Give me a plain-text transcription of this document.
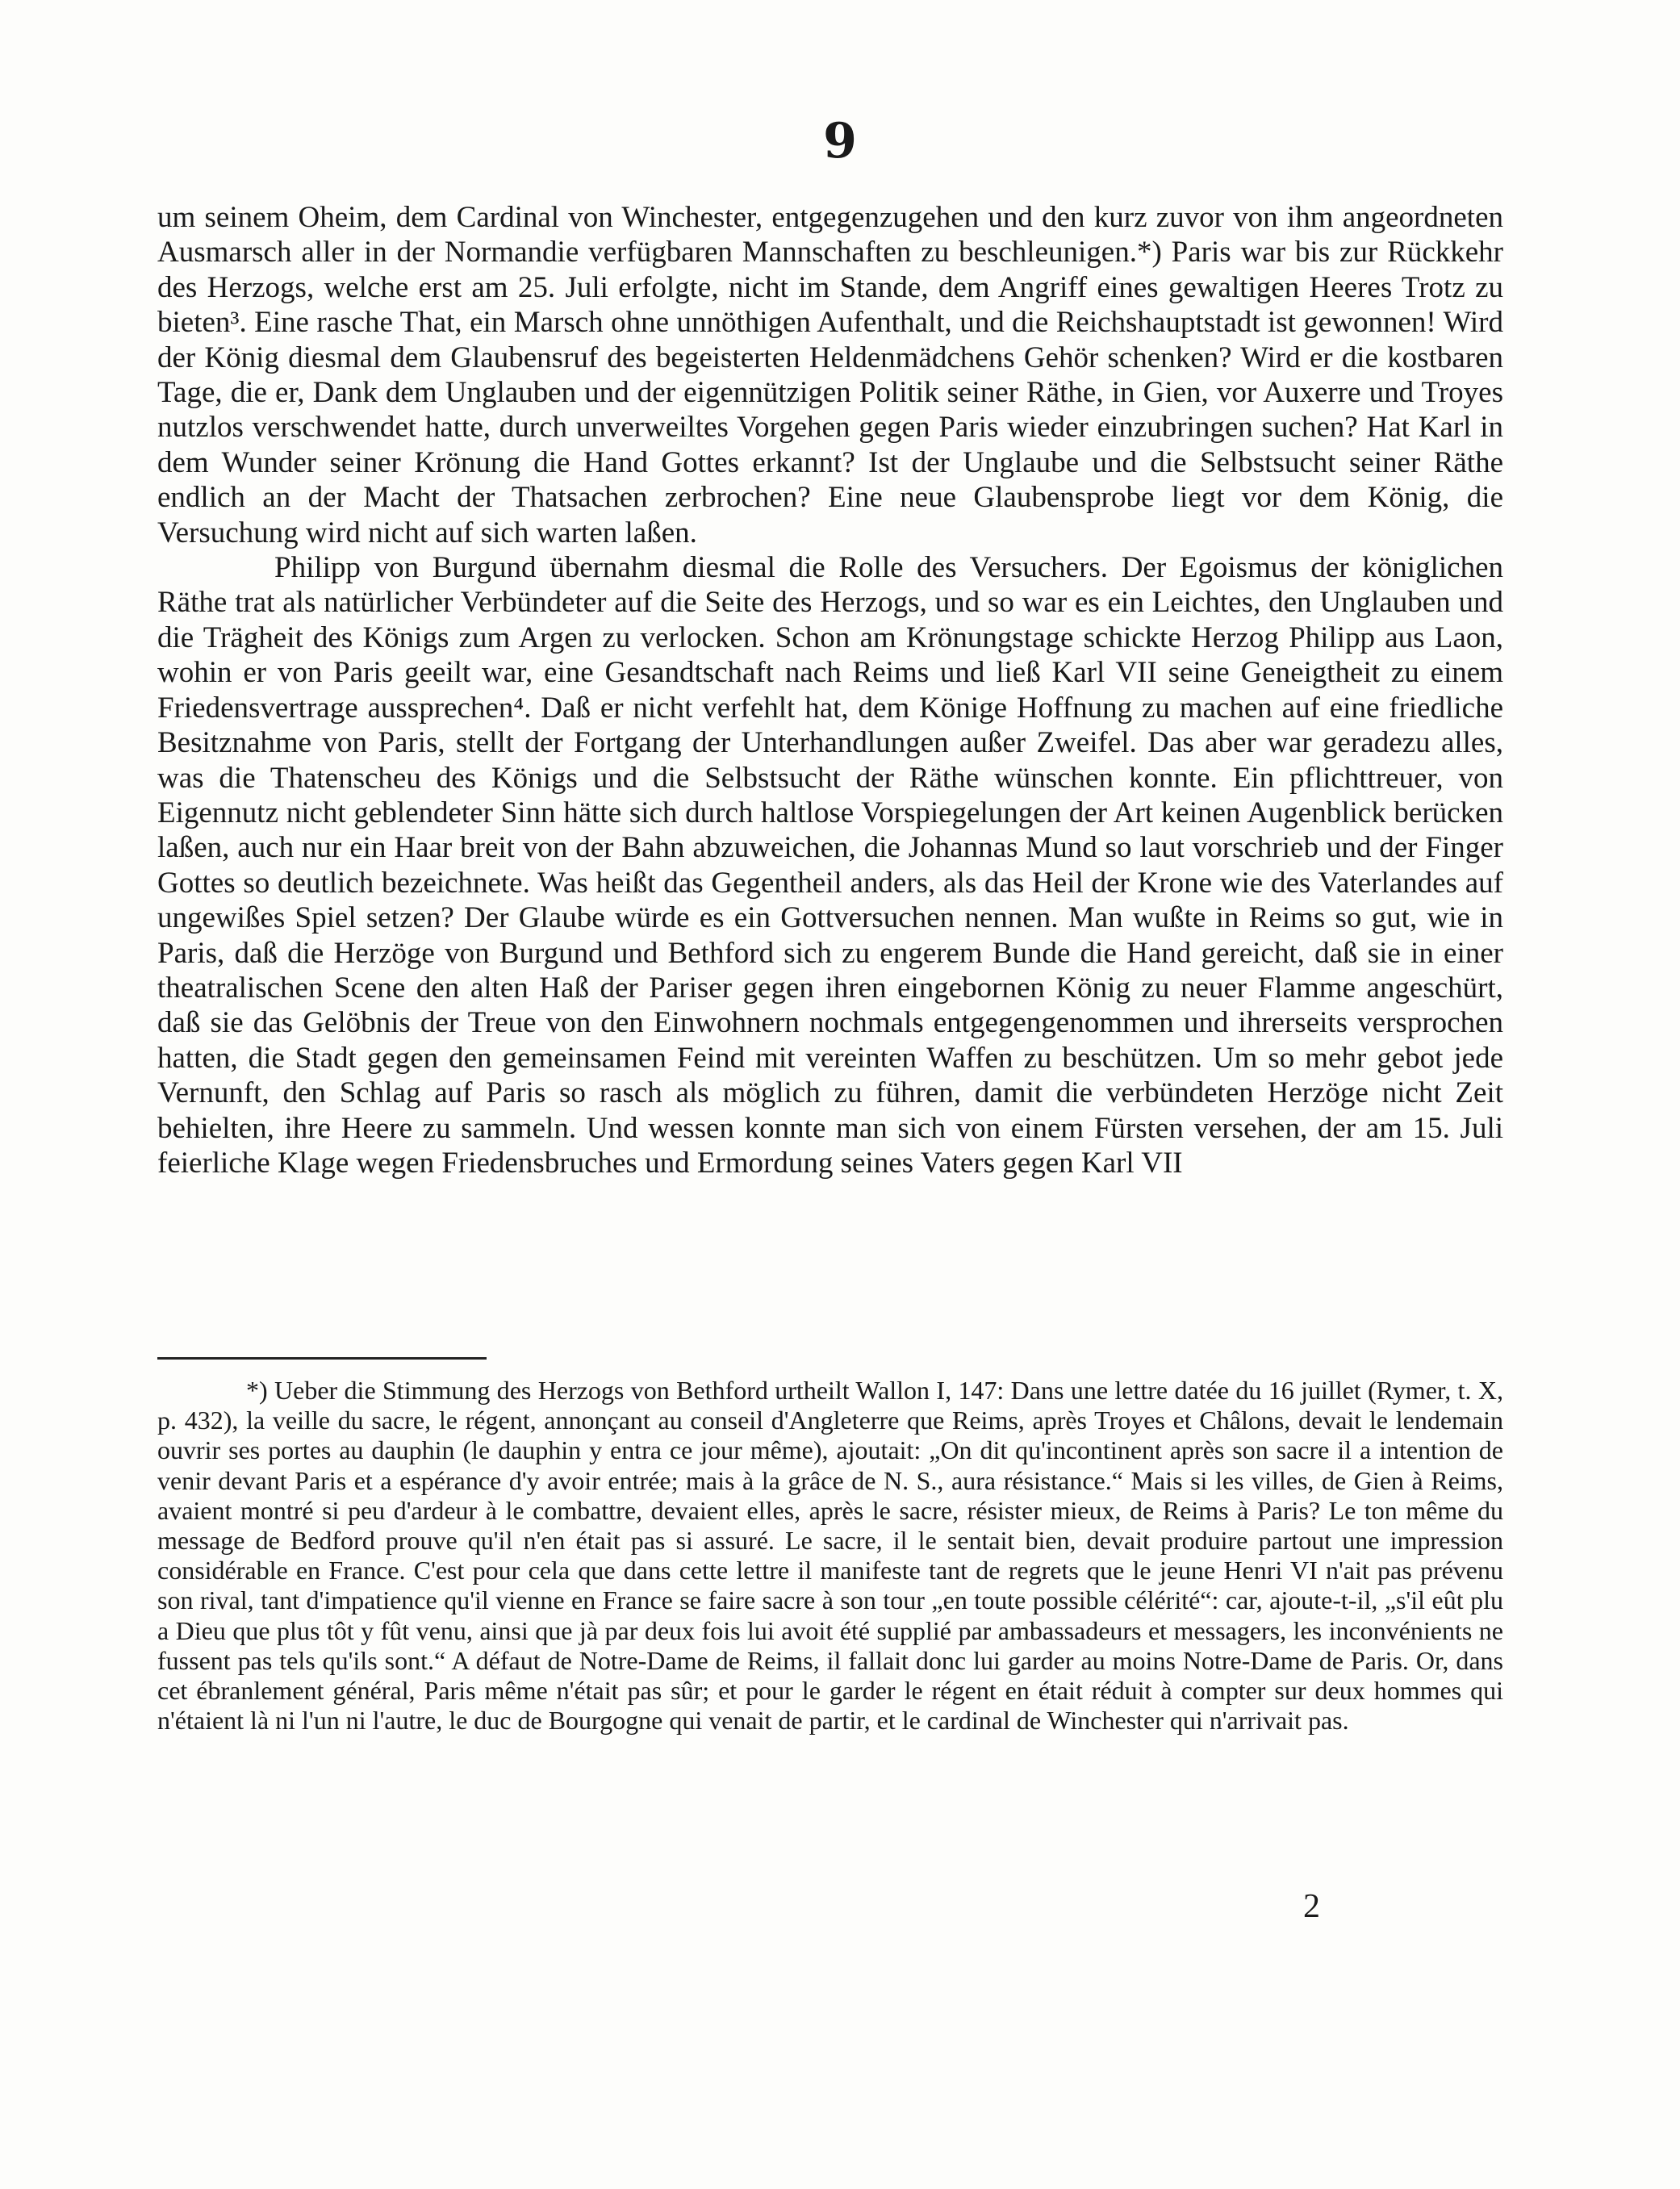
9

um seinem Oheim, dem Cardinal von Winchester, entgegenzugehen und den kurz zuvor von ihm angeordneten Ausmarsch aller in der Normandie verfügbaren Mannschaften zu beschleunigen.*) Paris war bis zur Rückkehr des Herzogs, welche erst am 25. Juli erfolgte, nicht im Stande, dem Angriff eines gewaltigen Heeres Trotz zu bieten³. Eine rasche That, ein Marsch ohne unnöthigen Aufenthalt, und die Reichshauptstadt ist gewonnen! Wird der König diesmal dem Glaubensruf des begeisterten Heldenmädchens Gehör schenken? Wird er die kostbaren Tage, die er, Dank dem Unglauben und der eigennützigen Politik seiner Räthe, in Gien, vor Auxerre und Troyes nutzlos verschwendet hatte, durch unverweiltes Vorgehen gegen Paris wieder einzubringen suchen? Hat Karl in dem Wunder seiner Krönung die Hand Gottes erkannt? Ist der Unglaube und die Selbstsucht seiner Räthe endlich an der Macht der Thatsachen zerbrochen? Eine neue Glaubensprobe liegt vor dem König, die Versuchung wird nicht auf sich warten laßen.

Philipp von Burgund übernahm diesmal die Rolle des Versuchers. Der Egoismus der königlichen Räthe trat als natürlicher Verbündeter auf die Seite des Herzogs, und so war es ein Leichtes, den Unglauben und die Trägheit des Königs zum Argen zu verlocken. Schon am Krönungstage schickte Herzog Philipp aus Laon, wohin er von Paris geeilt war, eine Gesandtschaft nach Reims und ließ Karl VII seine Geneigtheit zu einem Friedensvertrage aussprechen⁴. Daß er nicht verfehlt hat, dem Könige Hoffnung zu machen auf eine friedliche Besitznahme von Paris, stellt der Fortgang der Unterhandlungen außer Zweifel. Das aber war geradezu alles, was die Thatenscheu des Königs und die Selbstsucht der Räthe wünschen konnte. Ein pflichttreuer, von Eigennutz nicht geblendeter Sinn hätte sich durch haltlose Vorspiegelungen der Art keinen Augenblick berücken laßen, auch nur ein Haar breit von der Bahn abzuweichen, die Johannas Mund so laut vorschrieb und der Finger Gottes so deutlich bezeichnete. Was heißt das Gegentheil anders, als das Heil der Krone wie des Vaterlandes auf ungewißes Spiel setzen? Der Glaube würde es ein Gottversuchen nennen. Man wußte in Reims so gut, wie in Paris, daß die Herzöge von Burgund und Bethford sich zu engerem Bunde die Hand gereicht, daß sie in einer theatralischen Scene den alten Haß der Pariser gegen ihren eingebornen König zu neuer Flamme angeschürt, daß sie das Gelöbnis der Treue von den Einwohnern nochmals entgegengenommen und ihrerseits versprochen hatten, die Stadt gegen den gemeinsamen Feind mit vereinten Waffen zu beschützen. Um so mehr gebot jede Vernunft, den Schlag auf Paris so rasch als möglich zu führen, damit die verbündeten Herzöge nicht Zeit behielten, ihre Heere zu sammeln. Und wessen konnte man sich von einem Fürsten versehen, der am 15. Juli feierliche Klage wegen Friedensbruches und Ermordung seines Vaters gegen Karl VII

*) Ueber die Stimmung des Herzogs von Bethford urtheilt Wallon I, 147: Dans une lettre datée du 16 juillet (Rymer, t. X, p. 432), la veille du sacre, le régent, annonçant au conseil d'Angleterre que Reims, après Troyes et Châlons, devait le lendemain ouvrir ses portes au dauphin (le dauphin y entra ce jour même), ajoutait: „On dit qu'incontinent après son sacre il a intention de venir devant Paris et a espérance d'y avoir entrée; mais à la grâce de N. S., aura résistance.“ Mais si les villes, de Gien à Reims, avaient montré si peu d'ardeur à le combattre, devaient elles, après le sacre, résister mieux, de Reims à Paris? Le ton même du message de Bedford prouve qu'il n'en était pas si assuré. Le sacre, il le sentait bien, devait produire partout une impression considérable en France. C'est pour cela que dans cette lettre il manifeste tant de regrets que le jeune Henri VI n'ait pas prévenu son rival, tant d'impatience qu'il vienne en France se faire sacre à son tour „en toute possible célérité“: car, ajoute-t-il, „s'il eût plu a Dieu que plus tôt y fût venu, ainsi que jà par deux fois lui avoit été supplié par ambassadeurs et messagers, les inconvénients ne fussent pas tels qu'ils sont.“ A défaut de Notre-Dame de Reims, il fallait donc lui garder au moins Notre-Dame de Paris. Or, dans cet ébranlement général, Paris même n'était pas sûr; et pour le garder le régent en était réduit à compter sur deux hommes qui n'étaient là ni l'un ni l'autre, le duc de Bourgogne qui venait de partir, et le cardinal de Winchester qui n'arrivait pas.

2
